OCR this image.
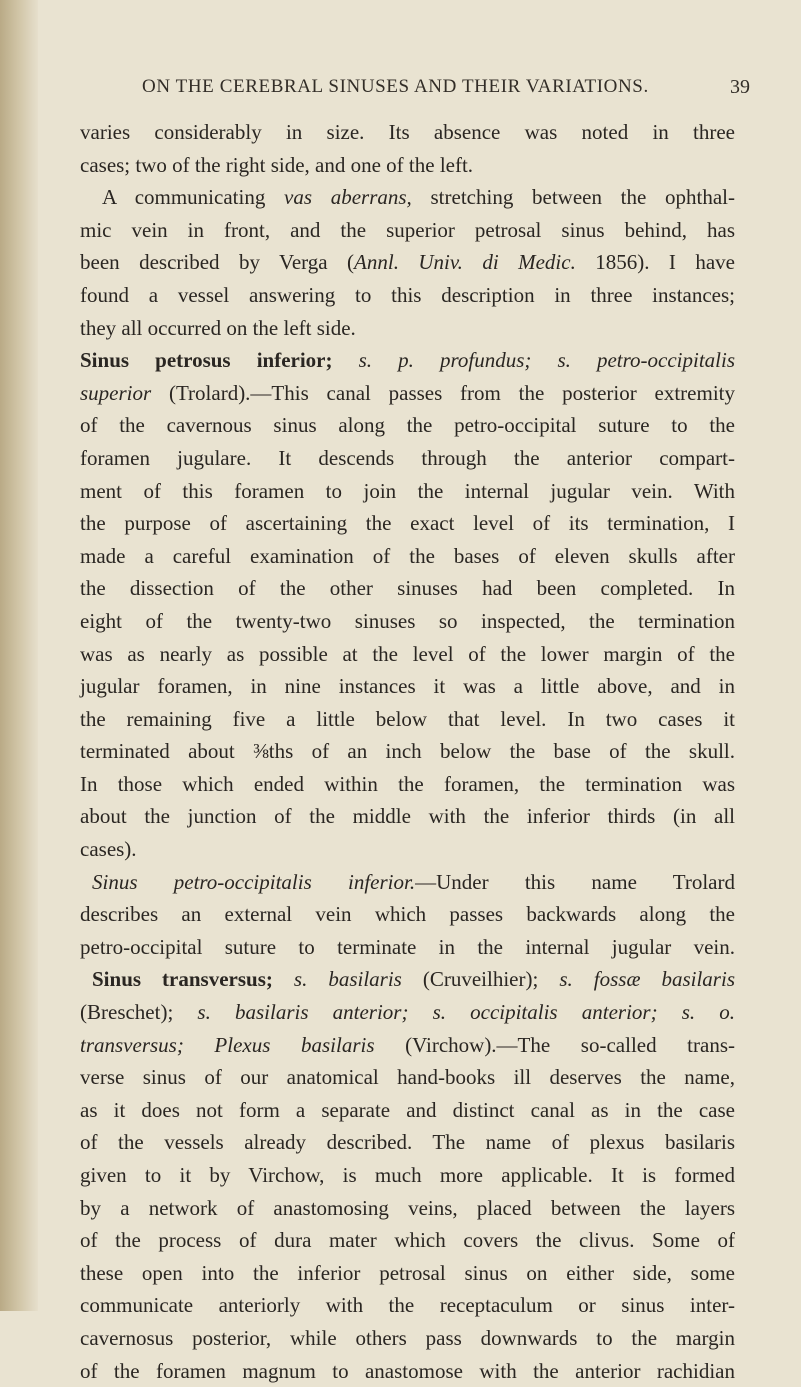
ON THE CEREBRAL SINUSES AND THEIR VARIATIONS.	39
varies considerably in size. Its absence was noted in three
cases; two of the right side, and one of the left.
A communicating vas aberrans, stretching between the ophthal-
mic vein in front, and the superior petrosal sinus behind, has
been described by Verga (Annl. Univ. di Medic. 1856). I have
found a vessel answering to this description in three instances;
they all occurred on the left side.
Sinus petrosus inferior; s. p. profundus; s. petro-occipitalis
superior (Trolard).—This canal passes from the posterior extremity
of the cavernous sinus along the petro-occipital suture to the
foramen jugulare. It descends through the anterior compart-
ment of this foramen to join the internal jugular vein. With
the purpose of ascertaining the exact level of its termination, I
made a careful examination of the bases of eleven skulls after
the dissection of the other sinuses had been completed. In
eight of the twenty-two sinuses so inspected, the termination
was as nearly as possible at the level of the lower margin of the
jugular foramen, in nine instances it was a little above, and in
the remaining five a little below that level. In two cases it
terminated about ⅜ths of an inch below the base of the skull.
In those which ended within the foramen, the termination was
about the junction of the middle with the inferior thirds (in all
cases).
Sinus petro-occipitalis inferior.—Under this name Trolard
describes an external vein which passes backwards along the
petro-occipital suture to terminate in the internal jugular vein.
Sinus transversus; s. basilaris (Cruveilhier); s. fossæ basilaris
(Breschet); s. basilaris anterior; s. occipitalis anterior; s. o.
transversus; Plexus basilaris (Virchow).—The so-called trans-
verse sinus of our anatomical hand-books ill deserves the name,
as it does not form a separate and distinct canal as in the case
of the vessels already described. The name of plexus basilaris
given to it by Virchow, is much more applicable. It is formed
by a network of anastomosing veins, placed between the layers
of the process of dura mater which covers the clivus. Some of
these open into the inferior petrosal sinus on either side, some
communicate anteriorly with the receptaculum or sinus inter-
cavernosus posterior, while others pass downwards to the margin
of the foramen magnum to anastomose with the anterior rachidian
